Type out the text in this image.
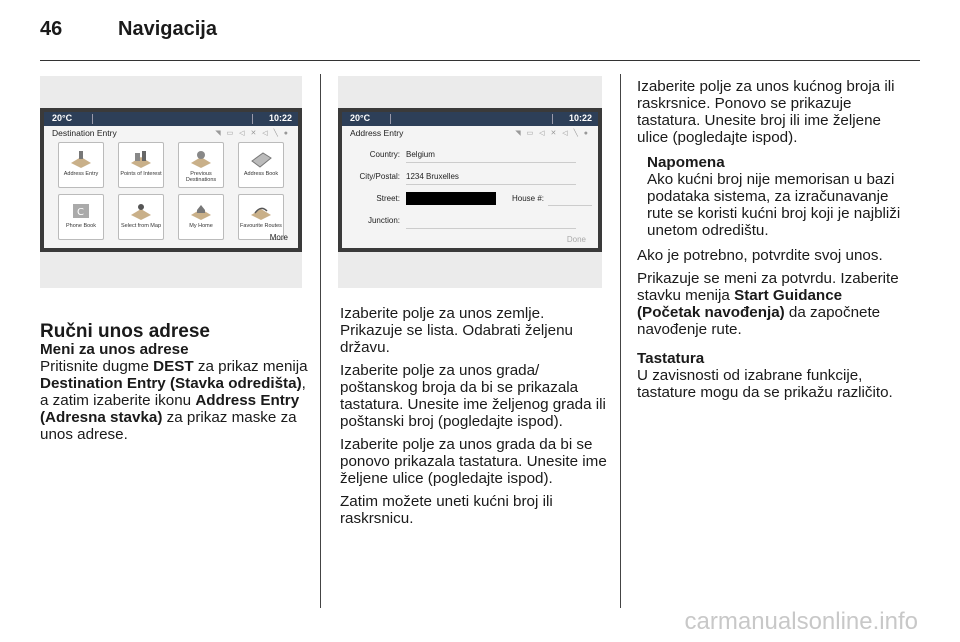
46	Navigacija
20°C	10:22
Destination Entry	◥ ▭ ◁ ✕ ◁ ╲ ●
Address Entry	Points of Interest	Previous Destinations
Address Book
C
Phone Book	Select from Map	My Home	Favourite Routes
More
Ručni unos adrese
Meni za unos adrese
Pritisnite dugme DEST za prikaz menija Destination Entry (Stavka odredišta), a zatim izaberite ikonu Address Entry (Adresna stavka) za prikaz maske za unos adrese.
20°C	10:22
Address Entry	◥ ▭ ◁ ✕ ◁ ╲ ●
Country: Belgium
City/Postal: 1234 Bruxelles
Street:	House #:
Junction:
Done

Izaberite polje za unos zemlje. Prikazuje se lista. Odabrati željenu državu.

Izaberite polje za unos grada/ poštanskog broja da bi se prikazala tastatura. Unesite ime željenog grada ili poštanski broj (pogledajte ispod).

Izaberite polje za unos grada da bi se ponovo prikazala tastatura. Unesite ime željene ulice (pogledajte ispod).

Zatim možete uneti kućni broj ili raskrsnicu.

Izaberite polje za unos kućnog broja ili raskrsnice. Ponovo se prikazuje tastatura. Unesite broj ili ime željene ulice (pogledajte ispod).

Napomena

Ako kućni broj nije memorisan u bazi podataka sistema, za izračunavanje rute se koristi kućni broj koji je najbliži unetom odredištu.

Ako je potrebno, potvrdite svoj unos.

Prikazuje se meni za potvrdu. Izaberite stavku menija Start Guidance (Početak navođenja) da započnete navođenje rute.

Tastatura

U zavisnosti od izabrane funkcije, tastature mogu da se prikažu različito.

carmanualsonline.info
